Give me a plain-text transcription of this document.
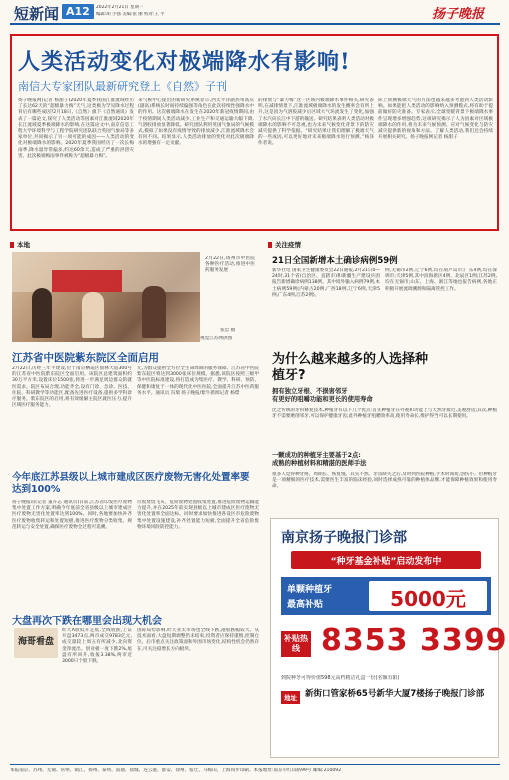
短新闻 A12	2022年2月21日 星期一
编辑:胡 小强 美编:张 丽 校对:王 平	扬子晚报
人类活动变化对极端降水有影响!
南信大专家团队最新研究登上《自然》子刊
扬子晚报网(记者 杨甜子)2020年夏季我国江淮流域经历了长达62天的“超级暴力梅”天气,这类极为罕见降水过程背后有哪些成因?2月18日,《自然》旗下《自然通讯》发表了一篇论文,探究了人类活动等因素对江淮流域2020年长江流域夏季极端降水的影响,在这篇论文中,南京信息工程大学环境科学与工程学院研究团队联合英国气象局等多家单位,共同揭示了另一项可能的成因——人类活动的变化对极端降水的影响。2020年夏季我国经历了一次长梅雨季,降水量异常偏多,约达60余天,造成了严重的洪涝灾害。此次极端梅雨事件被称为“超级暴力梅”。
来气候中心提出的新研究系统显示,西太平洋副热带高压(副高)系统长时间持续偏强等角色在此次持续性强降水中的作用。这次极端降水在发生在2020年新冠疫情期间,由于疫情期间人类活动减少,工业生产和交通运输大幅下降,气溶胶排放显著降低。研究团队利用英国气象局的气候模式,模拟了如果没有疫情导致的排放减少,江淮流域降水会有何不同。结果显示,人类活动排放的变化对此次极端降水的增强有一定贡献。
的排放与“暴力梅”这一区域内极端降水事件相关,研究表明,在减排情景下,江淮流域极端降水的发生概率会有所上升,这是因为气溶胶减少后区域大气环流发生了变化,加强了水汽向长江中下游的输送。研究结果表明人类活动对极端降水的影响不可忽视,也为未来气候变化背景下的防灾减灾提供了科学依据。“研究结果让我们理解了极端天气的一些成因,可以更好地对未来极端降水进行预测。”杨泽作者说。
际上预测极端天气的方法也越来越多考虑到人类活动影响。如果能把人类活动的影响纳入预测模式,将有助于提前做好防灾准备。专家表示,全球变暖背景下极端降水事件呈现增多增强趋势,这项研究揭示了人为因素对区域极端降水的作用,将为未来气候预测、应对气候变化与防灾减灾提供新的视角和方法。了解人类活动,我们还会持续开展相关研究。扬子晚报网记者 杨甜子
本地
2月22日,扬州市中医院各种医疗活动,推进中医药服务发展
张忠 摄
视觉江苏网供图
江苏省中医院紫东院区全面启用
2月22日,历经三年半建设,位于南京栖霞区仙林大道300号的江苏省中医院紫东院区全面启用。该院区总建筑面积约30万平方米,设置床位1500张,将进一步满足周边群众的就医需求。院区布局合理,功能齐全,设有门诊、急诊、医技、住院、科研教学等功能区,配备先进医疗设备,提供多学科诊疗服务。紫东院区的启用,将有效缓解主院区就医压力,提升区域医疗服务能力。
元,为群众提供全方位全生命周期的服务保障。江苏省中医院紫东院区将达到3000张床位规模。据悉,该院区按照三级甲等中医院标准建设,将打造成为集医疗、教学、科研、预防、保健和康复于一体的现代化中医医院,全面提升江苏中医药服务水平。通讯员 冯瑞 扬子晚报/紫牛新闻记者 杨璟
今年底江苏县级以上城市建成区医疗废物无害化处置率要达到100%
扬子晚报讯(记者 董卉志 通讯员)日前,江苏省印发医疗废物集中处置工作方案,明确今年底前全省县级以上城市建成区医疗废物无害化处置率达到100%。同时,各地要加快补齐医疗废物收集转运和处置短板,推进医疗废物分类收集、规范转运与安全处置,确保医疗废物全过程可追溯。
垃圾焚烧飞灰、危险废物处置收集处置,推进危险废物运输能力提升,并在2025年前实现县级以上城市建成区医疗废物无害化处置率全面达标。同时要求加快推进各设区市危险废物集中处置设施建设,补齐处置能力短板,全面提升全省危险废物环境风险防控能力。
大盘再次下跌在哪里会出现大机会
海哥看盘
昨天A股低开走低,全线收跌,上证开盘3473点,两市成交9783亿元,成交量较上周五有所减少,北向资金净流出。创业板一度下跌2%,尾盘有所回升,收报3.38%,两市近3000只个股下跌。
国际局势影响,昨天亚太市场也全线下跌,港股跌幅较大。从技术面看,大盘短期调整仍未结束,投资者应保持谨慎,控制仓位。后市重点关注政策面和外围市场变化,结构性机会仍然存在,可关注稳增长方向板块。
关注疫情
21日全国新增本土确诊病例59例
新华社电 国家卫生健康委员会22日通报,2月21日0—24时,31个省(自治区、直辖市)和新疆生产建设兵团报告新增确诊病例138例。其中境外输入病例79例,本土病例59例(内蒙古20例,广西18例,辽宁6例,天津5例,广东4例,江苏2例)。
例,无锡市2例,辽宁6例,均在葫芦岛市;广东4例,均在深圳市;天津5例,其中滨海新区4例、北辰区1例;江苏2例,均在无锡市;山东、上海、浙江等地也报告病例,各地正积极开展流调溯源和隔离管控工作。
为什么越来越多的人选择种植牙?
拥有独立牙根、不损害邻牙
有更好的咀嚼功能和更长的使用寿命
比之传统的牙科修复技术,种植牙有以下几个优点:首先种植牙在外观和功能上与天然牙接近,美观舒适;其次,种植牙不需要磨削邻牙,可以保护健康牙齿;此外种植牙咀嚼效率高,使用寿命长,维护得当可以长期使用。
一颗成功的种植牙主要基于2点:
成熟的种植材料和精湛的医师手法
很多人觉得种牙疼、周期长、恢复慢。其实不然。牙齿缺失之后,及时到医院种植,手术时间短,创伤小。但种植牙是一项精细的医疗技术,需要医生丰富的临床经验,同时选择成熟可靠的种植体品牌,才能保障种植效果和使用寿命。
南京扬子晚报门诊部
“种牙基金补贴”启动发布中
单颗种植牙
最高补贴	5000元
补贴热线 8353 3399
到院种牙可得价值598元高档精洁礼盒一份(名额有限)
地址 新街口管家桥65号新华大厦7楼扬子晚报门诊部
本报南京、苏州、无锡、常州、镇江、扬州、泰州、南通、盐城、连云港、淮安、徐州、宿迁、马鞍山、上海同步印刷。本报地址:南京市红山路99号 邮编:210092
